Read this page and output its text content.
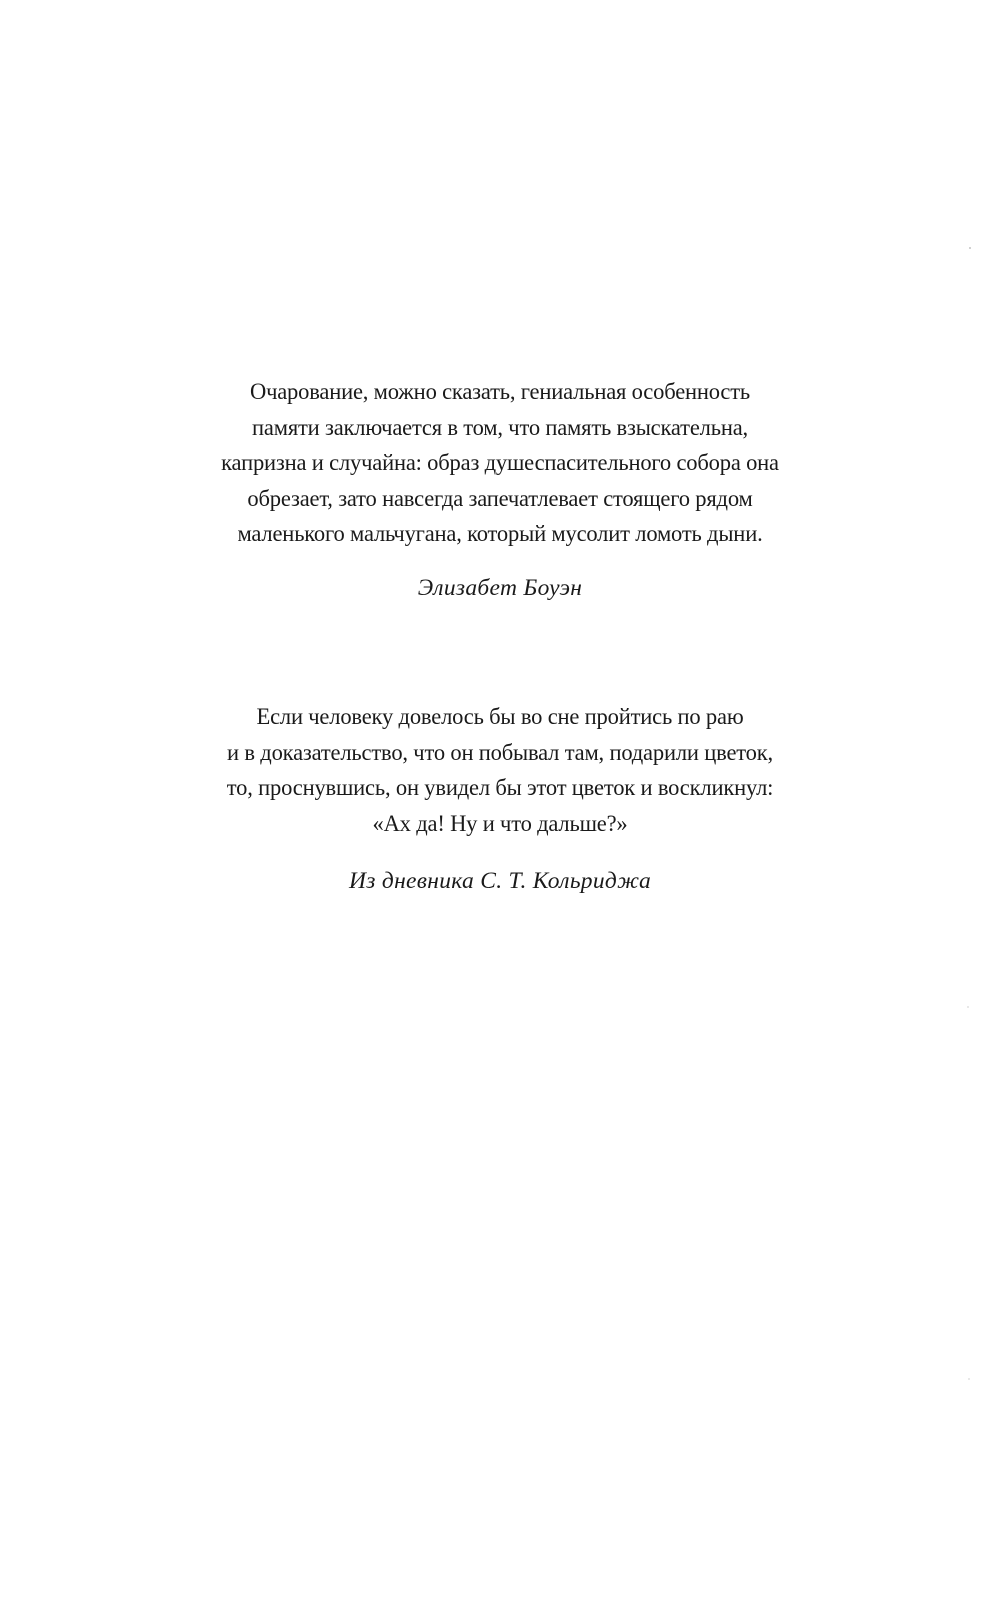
Очарование, можно сказать, гениальная особенность
памяти заключается в том, что память взыскательна,
капризна и случайна: образ душеспасительного собора она
обрезает, зато навсегда запечатлевает стоящего рядом
маленького мальчугана, который мусолит ломоть дыни.
Элизабет Боуэн
Если человеку довелось бы во сне пройтись по раю
и в доказательство, что он побывал там, подарили цветок,
то, проснувшись, он увидел бы этот цветок и воскликнул:
«Ах да! Ну и что дальше?»
Из дневника С. Т. Кольриджа
